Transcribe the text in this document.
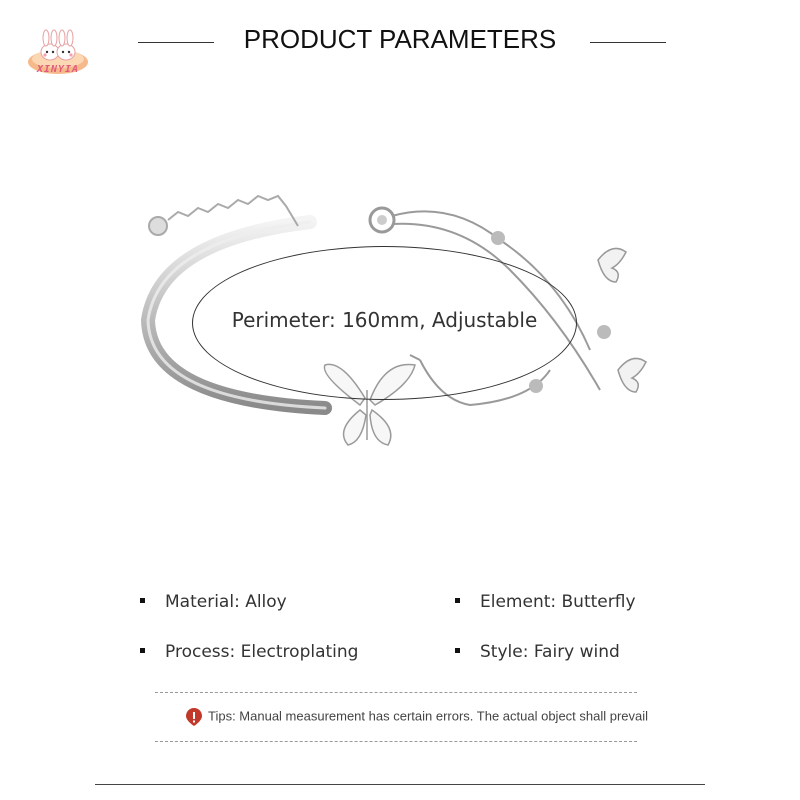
XINYIA
PRODUCT PARAMETERS
Perimeter: 160mm, Adjustable
Material: Alloy	Element: Butterfly
Process: Electroplating	Style: Fairy wind
Tips: Manual measurement has certain errors. The actual object shall prevail
